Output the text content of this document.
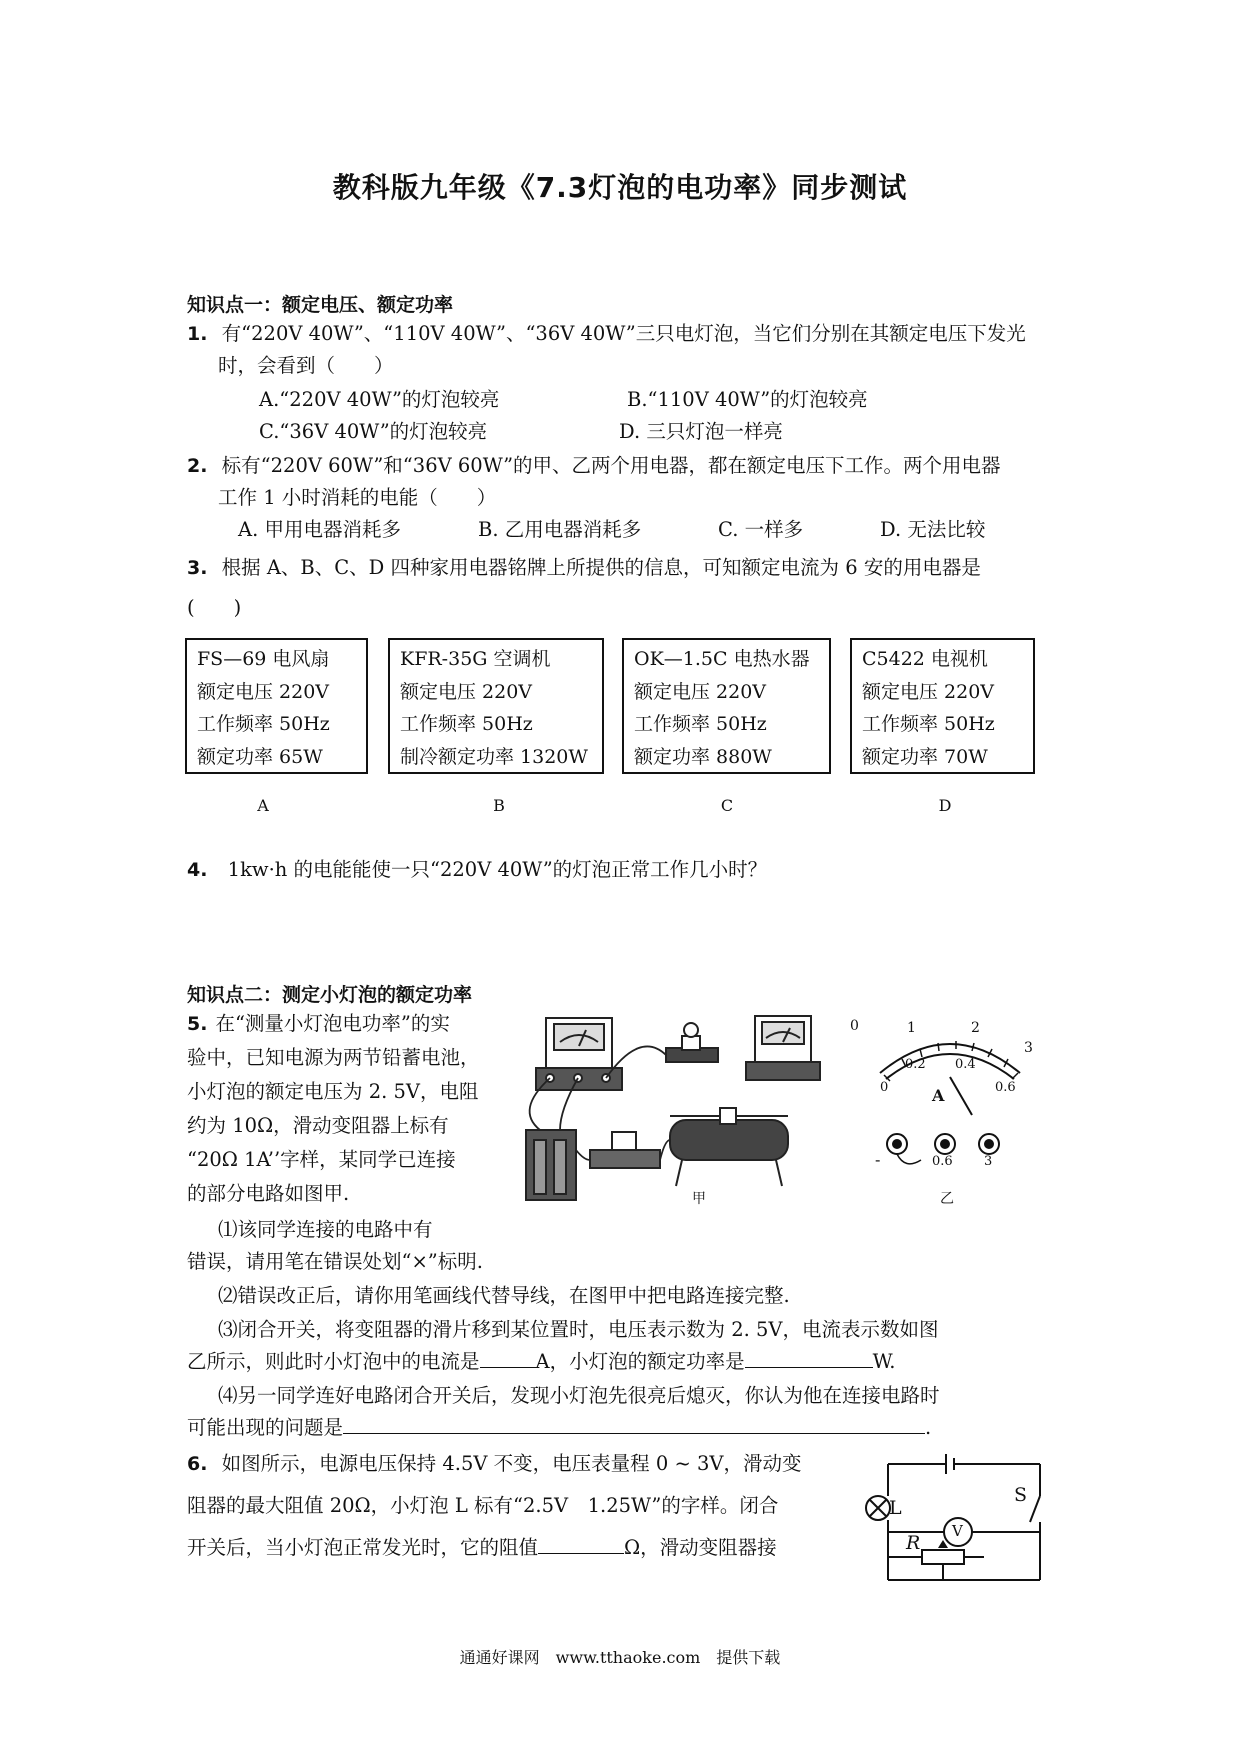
教科版九年级《7.3灯泡的电功率》同步测试
知识点一：额定电压、额定功率
1. 有“220V 40W”、“110V 40W”、“36V 40W”三只电灯泡，当它们分别在其额定电压下发光
时，会看到（　　）
A.“220V 40W”的灯泡较亮	B.“110V 40W”的灯泡较亮
C.“36V 40W”的灯泡较亮	D. 三只灯泡一样亮
2. 标有“220V 60W”和“36V 60W”的甲、乙两个用电器，都在额定电压下工作。两个用电器
工作 1 小时消耗的电能（　　）
A. 甲用电器消耗多	B. 乙用电器消耗多	C. 一样多	D. 无法比较
3. 根据 A、B、C、D 四种家用电器铭牌上所提供的信息，可知额定电流为 6 安的用电器是
(　　)
FS—69 电风扇
额定电压 220V
工作频率 50Hz
额定功率 65W
KFR-35G 空调机
额定电压 220V
工作频率 50Hz
制冷额定功率 1320W
OK—1.5C 电热水器
额定电压 220V
工作频率 50Hz
额定功率 880W
C5422 电视机
额定电压 220V
工作频率 50Hz
额定功率 70W
A	B	C	D
4. 1kw·h 的电能能使一只“220V 40W”的灯泡正常工作几小时？
知识点二：测定小灯泡的额定功率
5. 在“测量小灯泡电功率”的实
验中，已知电源为两节铅蓄电池，
小灯泡的额定电压为 2. 5V，电阻
约为 10Ω，滑动变阻器上标有
“20Ω 1A’’字样，某同学已连接
的部分电路如图甲.
⑴该同学连接的电路中有
错误，请用笔在错误处划“×”标明.
⑵错误改正后，请你用笔画线代替导线，在图甲中把电路连接完整.
⑶闭合开关，将变阻器的滑片移到某位置时，电压表示数为 2. 5V，电流表示数如图
乙所示，则此时小灯泡中的电流是	A，小灯泡的额定功率是	W.
⑷另一同学连好电路闭合开关后，发现小灯泡先很亮后熄灭，你认为他在连接电路时
可能出现的问题是	.
甲
0	1	2
3
0
0.2 0.4
0.6
A
-	0.6 3
乙
6. 如图所示，电源电压保持 4.5V 不变，电压表量程 0 ~ 3V，滑动变
阻器的最大阻值 20Ω，小灯泡 L 标有“2.5V　1.25W”的字样。闭合
开关后，当小灯泡正常发光时，它的阻值	Ω，滑动变阻器接
L
S
V
R
通通好课网　www.tthaoke.com　提供下载
